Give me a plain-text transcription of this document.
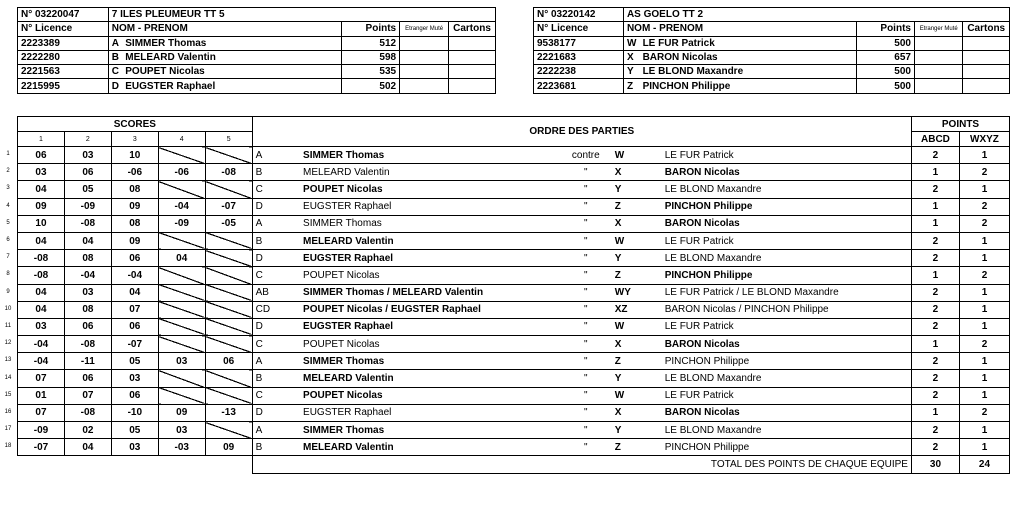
N° 03220047	7 ILES PLEUMEUR TT 5				
N° Licence	NOM - PRENOM		Points	Etranger Muté	Cartons
2223389	A	SIMMER Thomas	512		
2222280	B	MELEARD Valentin	598		
2221563	C	POUPET Nicolas	535		
2215995	D	EUGSTER Raphael	502		
N° 03220142	AS GOELO TT 2				
N° Licence	NOM - PRENOM		Points	Etranger Muté	Cartons
9538177	W	LE FUR Patrick	500		
2221683	X	BARON Nicolas	657		
2222238	Y	LE BLOND Maxandre	500		
2223681	Z	PINCHON Philippe	500		
SCORES					ORDRE DES PARTIES					POINTS	
1	2	3	4	5						ABCD	WXYZ
06	03	10			A	SIMMER Thomas	contre	W	LE FUR Patrick	2	1
03	06	-06	-06	-08	B	MELEARD Valentin	"	X	BARON Nicolas	1	2
04	05	08			C	POUPET Nicolas	"	Y	LE BLOND Maxandre	2	1
09	-09	09	-04	-07	D	EUGSTER Raphael	"	Z	PINCHON Philippe	1	2
10	-08	08	-09	-05	A	SIMMER Thomas	"	X	BARON Nicolas	1	2
04	04	09			B	MELEARD Valentin	"	W	LE FUR Patrick	2	1
-08	08	06	04		D	EUGSTER Raphael	"	Y	LE BLOND Maxandre	2	1
-08	-04	-04			C	POUPET Nicolas	"	Z	PINCHON Philippe	1	2
04	03	04			AB	SIMMER Thomas / MELEARD Valentin	"	WY	LE FUR Patrick / LE BLOND Maxandre	2	1
04	08	07			CD	POUPET Nicolas / EUGSTER Raphael	"	XZ	BARON Nicolas / PINCHON Philippe	2	1
03	06	06			D	EUGSTER Raphael	"	W	LE FUR Patrick	2	1
-04	-08	-07			C	POUPET Nicolas	"	X	BARON Nicolas	1	2
-04	-11	05	03	06	A	SIMMER Thomas	"	Z	PINCHON Philippe	2	1
07	06	03			B	MELEARD Valentin	"	Y	LE BLOND Maxandre	2	1
01	07	06			C	POUPET Nicolas	"	W	LE FUR Patrick	2	1
07	-08	-10	09	-13	D	EUGSTER Raphael	"	X	BARON Nicolas	1	2
-09	02	05	03		A	SIMMER Thomas	"	Y	LE BLOND Maxandre	2	1
-07	04	03	-03	09	B	MELEARD Valentin	"	Z	PINCHON Philippe	2	1
					TOTAL DES POINTS DE CHAQUE EQUIPE					30	24
1
2
3
4
5
6
7
8
9
10
11
12
13
14
15
16
17
18
